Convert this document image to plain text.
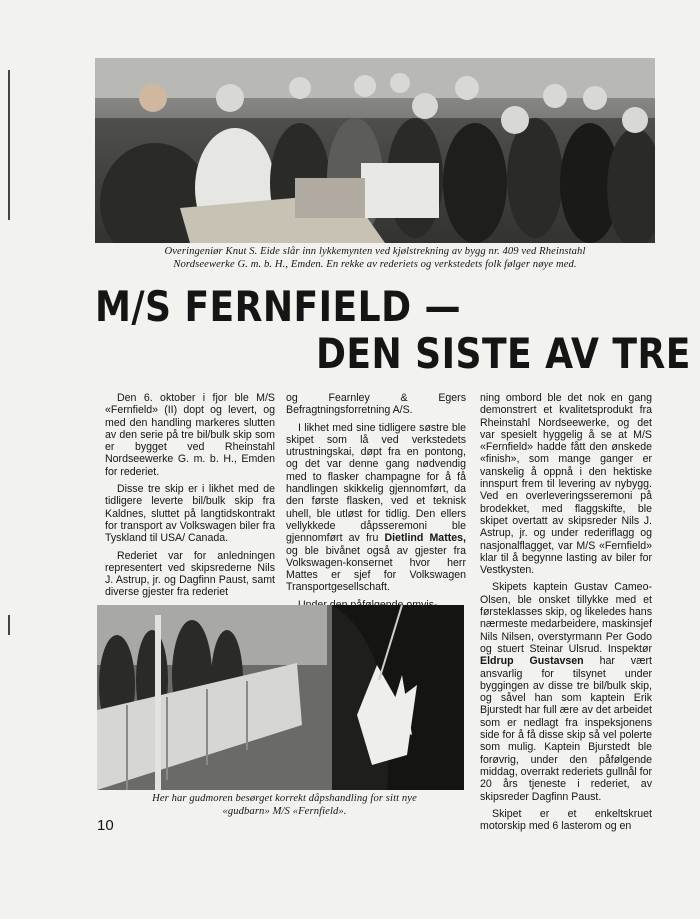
Overingeniør Knut S. Eide slår inn lykkemynten ved kjølstrekning av bygg nr. 409 ved Rheinstahl
Nordseewerke G. m. b. H., Emden. En rekke av rederiets og verkstedets folk følger nøye med.
M/S FERNFIELD —
DEN SISTE AV TRE

Den 6. oktober i fjor ble M/S «Fernfield» (II) dopt og levert, og med den handling markeres slutten av den serie på tre bil/bulk skip som er bygget ved Rheinstahl Nordseewerke G. m. b. H., Emden for rederiet.

Disse tre skip er i likhet med de tidligere leverte bil/bulk skip fra Kaldnes, sluttet på langtidskontrakt for transport av Volkswagen biler fra Tyskland til USA/ Canada.

Rederiet var for anledningen representert ved skipsrederne Nils J. Astrup, jr. og Dagfinn Paust, samt diverse gjester fra rederiet

og Fearnley & Egers Befragtningsforretning A/S.

I likhet med sine tidligere søstre ble skipet som lå ved verkstedets utrustningskai, døpt fra en pontong, og det var denne gang nødvendig med to flasker champagne for å få handlingen skikkelig gjennomført, da den første flasken, ved et teknisk uhell, ble utløst for tidlig. Den ellers vellykkede dåpsseremoni ble gjennomført av fru Dietlind Mattes, og ble bivånet også av gjester fra Volkswagen-konsernet hvor herr Mattes er sjef for Volkswagen Transportgesellschaft.

ning ombord ble det nok en gang demonstrert et kvalitetsprodukt fra Rheinstahl Nordseewerke, og det var spesielt hyggelig å se at M/S «Fernfield» hadde fått den ønskede «finish», som mange ganger er vanskelig å oppnå i den hektiske innspurt frem til levering av nybygg. Ved en overleveringsseremoni på brodekket, med flaggskifte, ble skipet overtatt av skipsreder Nils J. Astrup, jr. og under rederiflagg og nasjonalflagget, var M/S «Fernfield» klar til å begynne lasting av biler for Vestkysten.

Skipets kaptein Gustav Cameo-Olsen, ble onsket tillykke med et førsteklasses skip, og likeledes hans nærmeste medarbeidere, maskinsjef Nils Nilsen, overstyrmann Per Godo og stuert Steinar Ulsrud. Inspektør Eldrup Gustavsen har vært ansvarlig for tilsynet under byggingen av disse tre bil/bulk skip, og såvel han som kaptein Erik Bjurstedt har full ære av det arbeidet som er nedlagt fra inspeksjonens side for å få disse skip så vel polerte som mulig. Kaptein Bjurstedt ble forøvrig, under den påfølgende middag, overrakt rederiets gullnål for 20 års tjeneste i rederiet, av skipsreder Dagfinn Paust.

Skipet er et enkeltskruet motorskip med 6 lasterom og en

Her har gudmoren besørget korrekt dåpshandling for sitt nye
«gudbarn» M/S «Fernfield».
10
